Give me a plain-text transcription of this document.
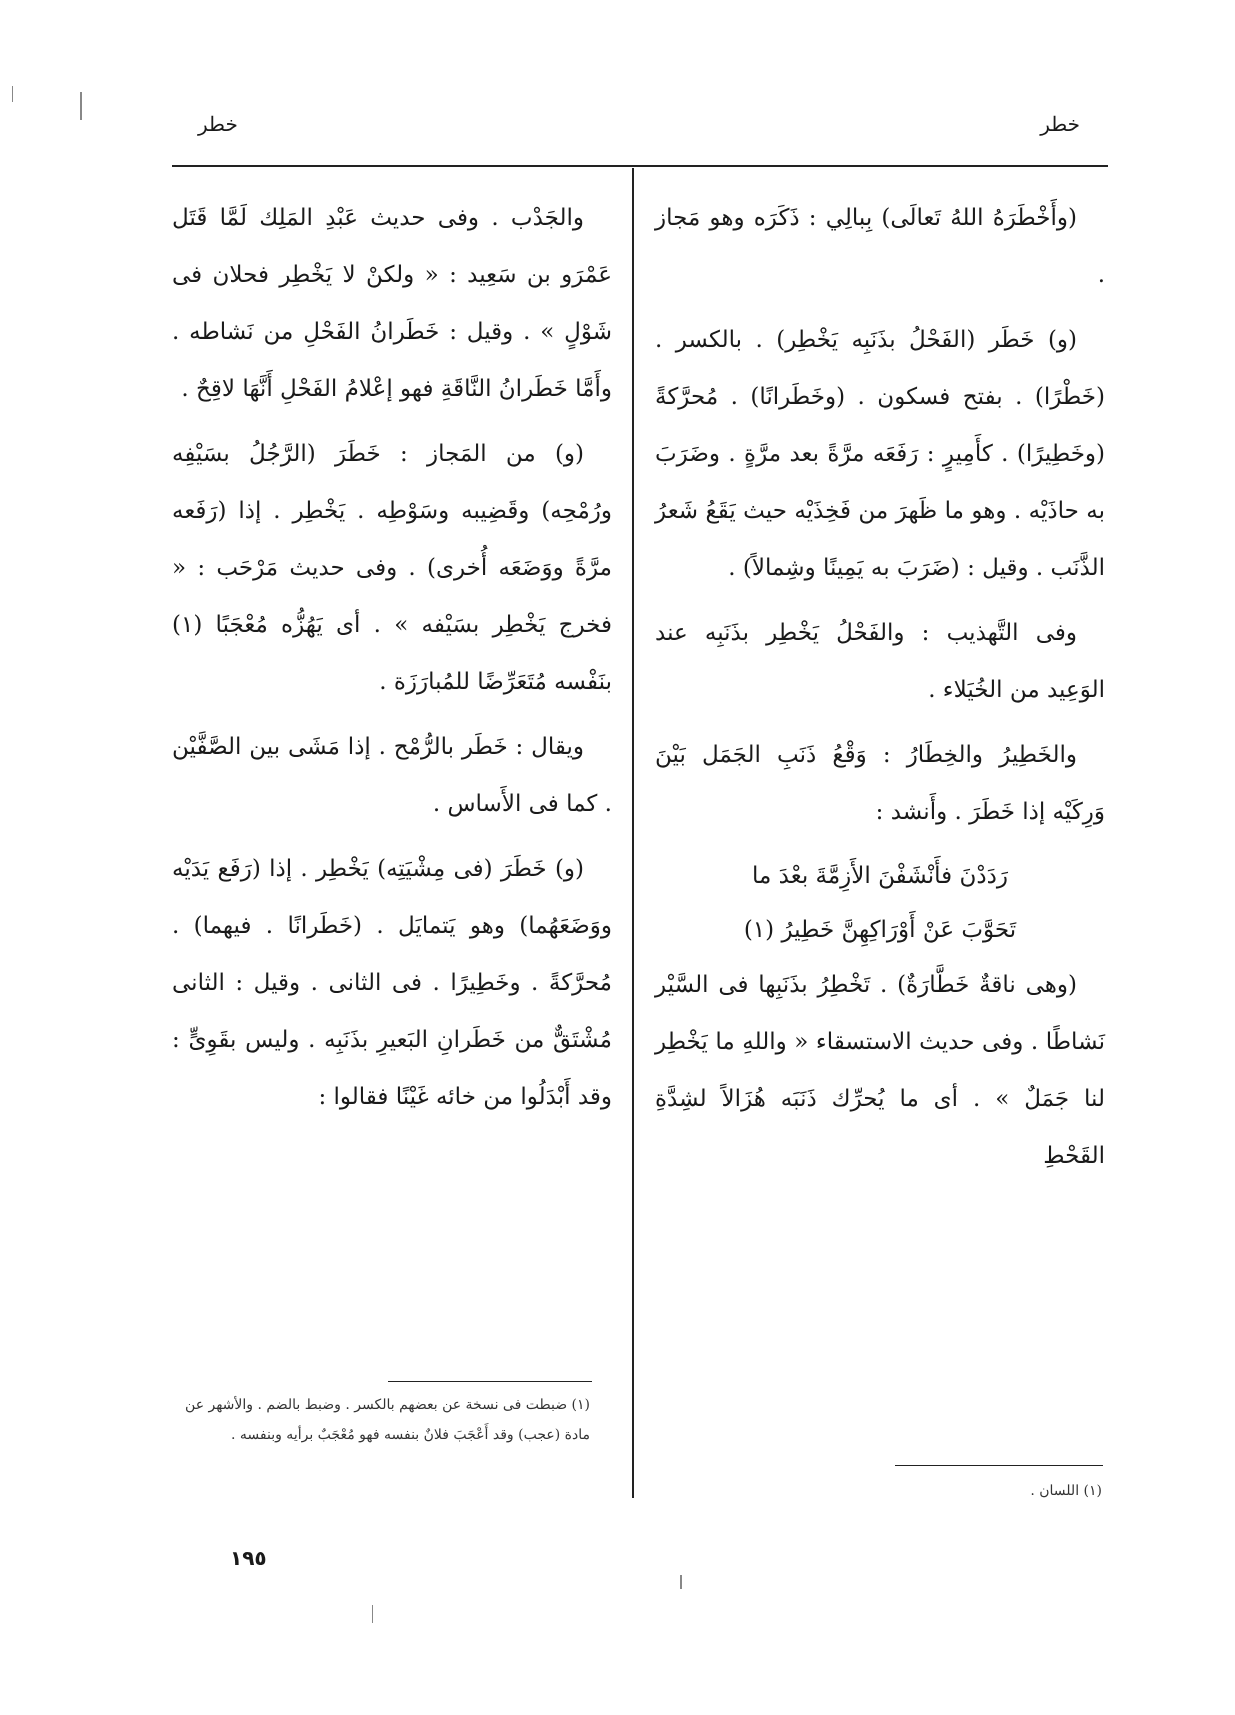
خطر
خطر

(وأَخْطَرَهُ اللهُ تَعالَى) بِبالِي : ذَكَرَه وهو مَجاز .

(و) خَطَر (الفَحْلُ بذَنَبِه يَخْطِر) . بالكسر . (خَطْرًا) . بفتح فسكون . (وخَطَرانًا) . مُحرَّكةً (وخَطِيرًا) . كأَمِيرٍ : رَفَعَه مرَّةً بعد مرَّةٍ . وضَرَبَ به حاذَيْه . وهو ما ظَهرَ من فَخِذَيْه حيث يَقَعُ شَعرُ الذَّنَب . وقيل : (ضَرَبَ به يَمِينًا وشِمالاً) .

وفى التَّهذيب : والفَحْلُ يَخْطِر بذَنَبِه عند الوَعِيد من الخُيَلاء .

والخَطِيرُ والخِطَارُ : وَقْعُ ذَنَبِ الجَمَل بَيْنَ وَرِكَيْه إذا خَطَرَ . وأَنشد :

رَدَدْنَ فأَنْشَفْنَ الأَزِمَّةَ بعْدَ ما

تَحَوَّبَ عَنْ أَوْرَاكِهِنَّ خَطِيرُ (١)

(وهى ناقةٌ خَطَّارَةٌ) . تَخْطِرُ بذَنَبِها فى السَّيْر نَشاطًا . وفى حديث الاستسقاء « واللهِ ما يَخْطِر لنا جَمَلٌ » . أى ما يُحرِّك ذَنَبَه هُزَالاً لشِدَّةِ القَحْطِ

والجَدْب . وفى حديث عَبْدِ المَلِك لَمَّا قَتَل عَمْرَو بن سَعِيد : « ولكنْ لا يَخْطِر فحلان فى شَوْلٍ » . وقيل : خَطَرانُ الفَحْلِ من نَشاطه . وأَمَّا خَطَرانُ النَّاقَةِ فهو إعْلامُ الفَحْلِ أَنَّهَا لاقِحٌ .

(و) من المَجاز : خَطَرَ (الرَّجُلُ بسَيْفِه ورُمْحِه) وقَضِيبه وسَوْطِه . يَخْطِر . إذا (رَفَعه مرَّةً ووَضَعَه أُخرى) . وفى حديث مَرْحَب : « فخرج يَخْطِر بسَيْفه » . أى يَهُزُّه مُعْجَبًا (١) بنَفْسه مُتَعَرِّضًا للمُبارَزَة .

ويقال : خَطَر بالرُّمْح . إذا مَشَى بين الصَّفَّيْن . كما فى الأَساس .

(و) خَطَرَ (فى مِشْيَتِه) يَخْطِر . إذا (رَفَع يَدَيْه ووَضَعَهُما) وهو يَتمايَل . (خَطَرانًا . فيهما) . مُحرَّكةً . وخَطِيرًا . فى الثانى . وقيل : الثانى مُشْتَقٌّ من خَطَرانِ البَعيرِ بذَنَبِه . وليس بقَوِىٍّ : وقد أَبْدَلُوا من خائه غَيْنًا فقالوا :

(١) اللسان .
(١) ضبطت فى نسخة عن بعضهم بالكسر . وضبط بالضم . والأشهر عن مادة (عجب) وقد أَعْجَبَ فلانٌ بنفسه فهو مُعْجَبٌ برأيه وبنفسه .
١٩٥
